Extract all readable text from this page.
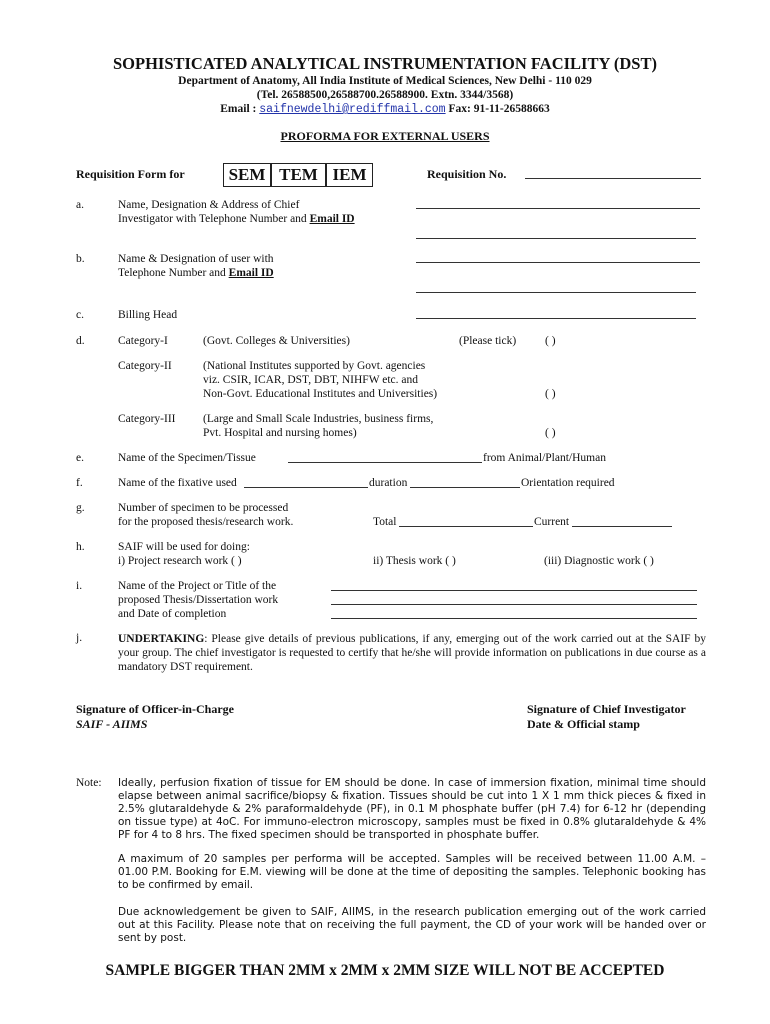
SOPHISTICATED ANALYTICAL INSTRUMENTATION FACILITY (DST)
Department of Anatomy, All India Institute of Medical Sciences, New Delhi - 110 029
(Tel. 26588500,26588700.26588900. Extn. 3344/3568)
Email : saifnewdelhi@rediffmail.com Fax: 91-11-26588663
PROFORMA FOR EXTERNAL USERS
Requisition Form for	SEM TEM IEM	Requisition No.
a.	Name, Designation & Address of Chief
Investigator with Telephone Number and Email ID
b.	Name & Designation of user with
Telephone Number and Email ID
c.	Billing Head
d.	Category-I	(Govt. Colleges & Universities)	(Please tick)	( )
Category-II	(National Institutes supported by Govt. agencies
viz. CSIR, ICAR, DST, DBT, NIHFW etc. and
Non-Govt. Educational Institutes and Universities)	( )
Category-III (Large and Small Scale Industries, business firms,
Pvt. Hospital and nursing homes)	( )
e.	Name of the Specimen/Tissue	from Animal/Plant/Human
f.	Name of the fixative used	duration	Orientation required
g.	Number of specimen to be processed
for the proposed thesis/research work.	Total	Current
h.	SAIF will be used for doing:
i) Project research work ( )	ii) Thesis work ( )	(iii) Diagnostic work ( )
i.	Name of the Project or Title of the
proposed Thesis/Dissertation work
and Date of completion
j.	UNDERTAKING: Please give details of previous publications, if any, emerging out of the work carried out at the SAIF by your group. The chief investigator is requested to certify that he/she will provide information on publications in due course as a mandatory DST requirement.
Signature of Officer-in-Charge
SAIF - AIIMS
Signature of Chief Investigator
Date & Official stamp
Note: Ideally, perfusion fixation of tissue for EM should be done. In case of immersion fixation, minimal time should elapse between animal sacrifice/biopsy & fixation. Tissues should be cut into 1 X 1 mm thick pieces & fixed in 2.5% glutaraldehyde & 2% paraformaldehyde (PF), in 0.1 M phosphate buffer (pH 7.4) for 6-12 hr (depending on tissue type) at 4oC. For immuno-electron microscopy, samples must be fixed in 0.8% glutaraldehyde & 4% PF for 4 to 8 hrs. The fixed specimen should be transported in phosphate buffer.
A maximum of 20 samples per performa will be accepted. Samples will be received between 11.00 A.M. – 01.00 P.M. Booking for E.M. viewing will be done at the time of depositing the samples. Telephonic booking has to be confirmed by email.
Due acknowledgement be given to SAIF, AIIMS, in the research publication emerging out of the work carried out at this Facility. Please note that on receiving the full payment, the CD of your work will be handed over or sent by post.
SAMPLE BIGGER THAN 2MM x 2MM x 2MM SIZE WILL NOT BE ACCEPTED
